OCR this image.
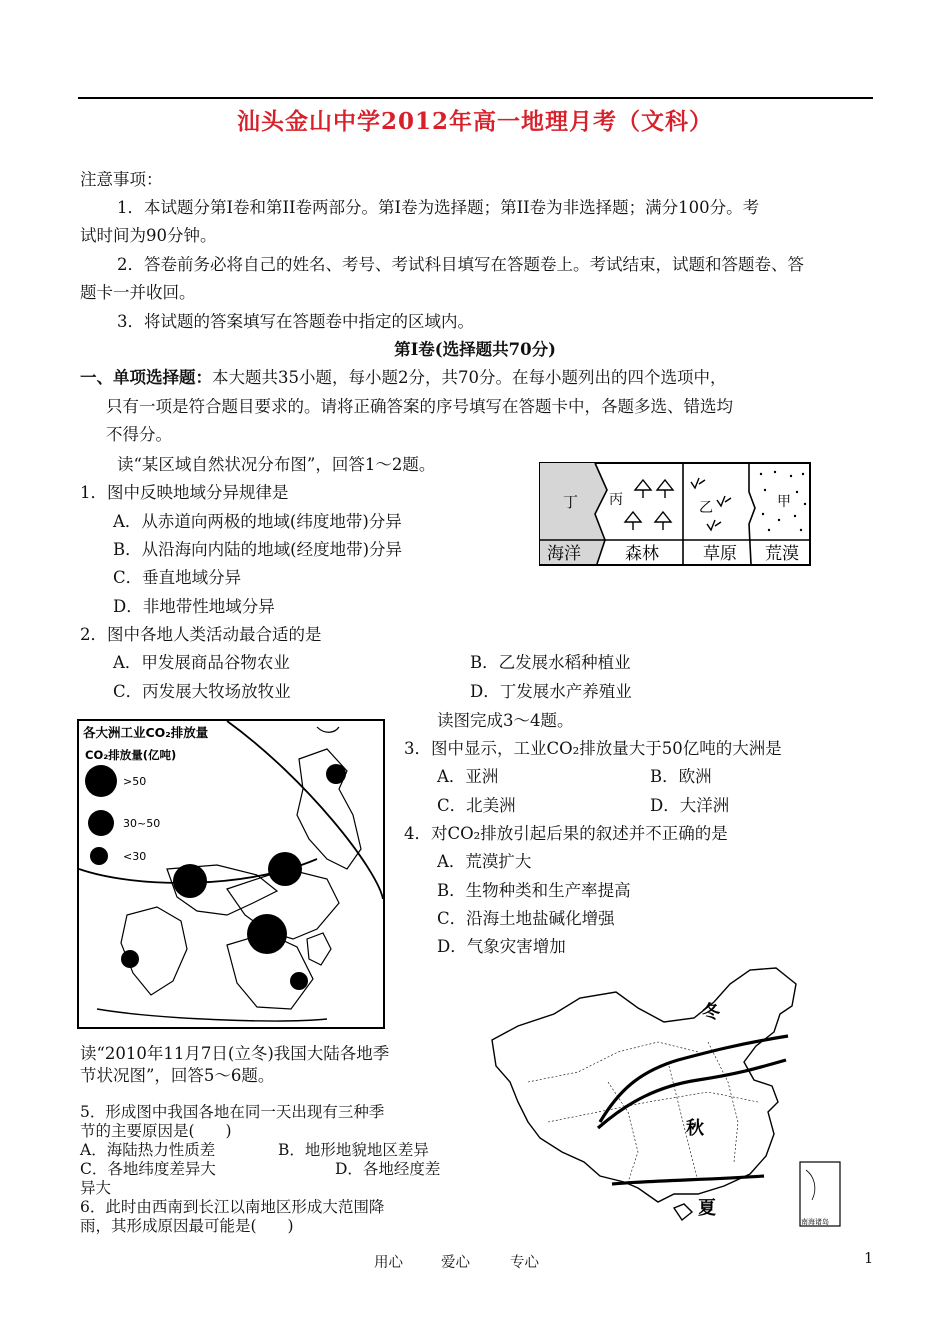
汕头金山中学2012年高一地理月考（文科）
注意事项：
1．本试题分第Ⅰ卷和第II卷两部分。第Ⅰ卷为选择题；第II卷为非选择题；满分100分。考
试时间为90分钟。
2．答卷前务必将自己的姓名、考号、考试科目填写在答题卷上。考试结束，试题和答题卷、答
题卡一并收回。
3．将试题的答案填写在答题卷中指定的区域内。
第Ⅰ卷(选择题共70分)
一、单项选择题：本大题共35小题，每小题2分，共70分。在每小题列出的四个选项中，
只有一项是符合题目要求的。请将正确答案的序号填写在答题卡中，各题多选、错选均
不得分。
读“某区域自然状况分布图”，回答1～2题。
丁 丙	乙	甲
海洋	森林	草原 荒漠
1．图中反映地域分异规律是
A．从赤道向两极的地域(纬度地带)分异
B．从沿海向内陆的地域(经度地带)分异
C．垂直地域分异
D．非地带性地域分异
2．图中各地人类活动最合适的是
A．甲发展商品谷物农业	B．乙发展水稻种植业
C．丙发展大牧场放牧业	D．丁发展水产养殖业
各大洲工业CO₂排放量
CO₂排放量(亿吨)
>50
30~50
<30
读图完成3～4题。
3．图中显示，工业CO₂排放量大于50亿吨的大洲是
A．亚洲	B．欧洲
C．北美洲	D．大洋洲
4．对CO₂排放引起后果的叙述并不正确的是
A．荒漠扩大
B．生物种类和生产率提高
C．沿海土地盐碱化增强
D．气象灾害增加
冬
秋
夏
南海诸岛
读“2010年11月7日(立冬)我国大陆各地季
节状况图”，回答5～6题。
5．形成图中我国各地在同一天出现有三种季
节的主要原因是(　　)
A．海陆热力性质差	B．地形地貌地区差异
C．各地纬度差异大	D．各地经度差
异大
6．此时由西南到长江以南地区形成大范围降
雨，其形成原因最可能是(　　)
用心	爱心	专心	1
